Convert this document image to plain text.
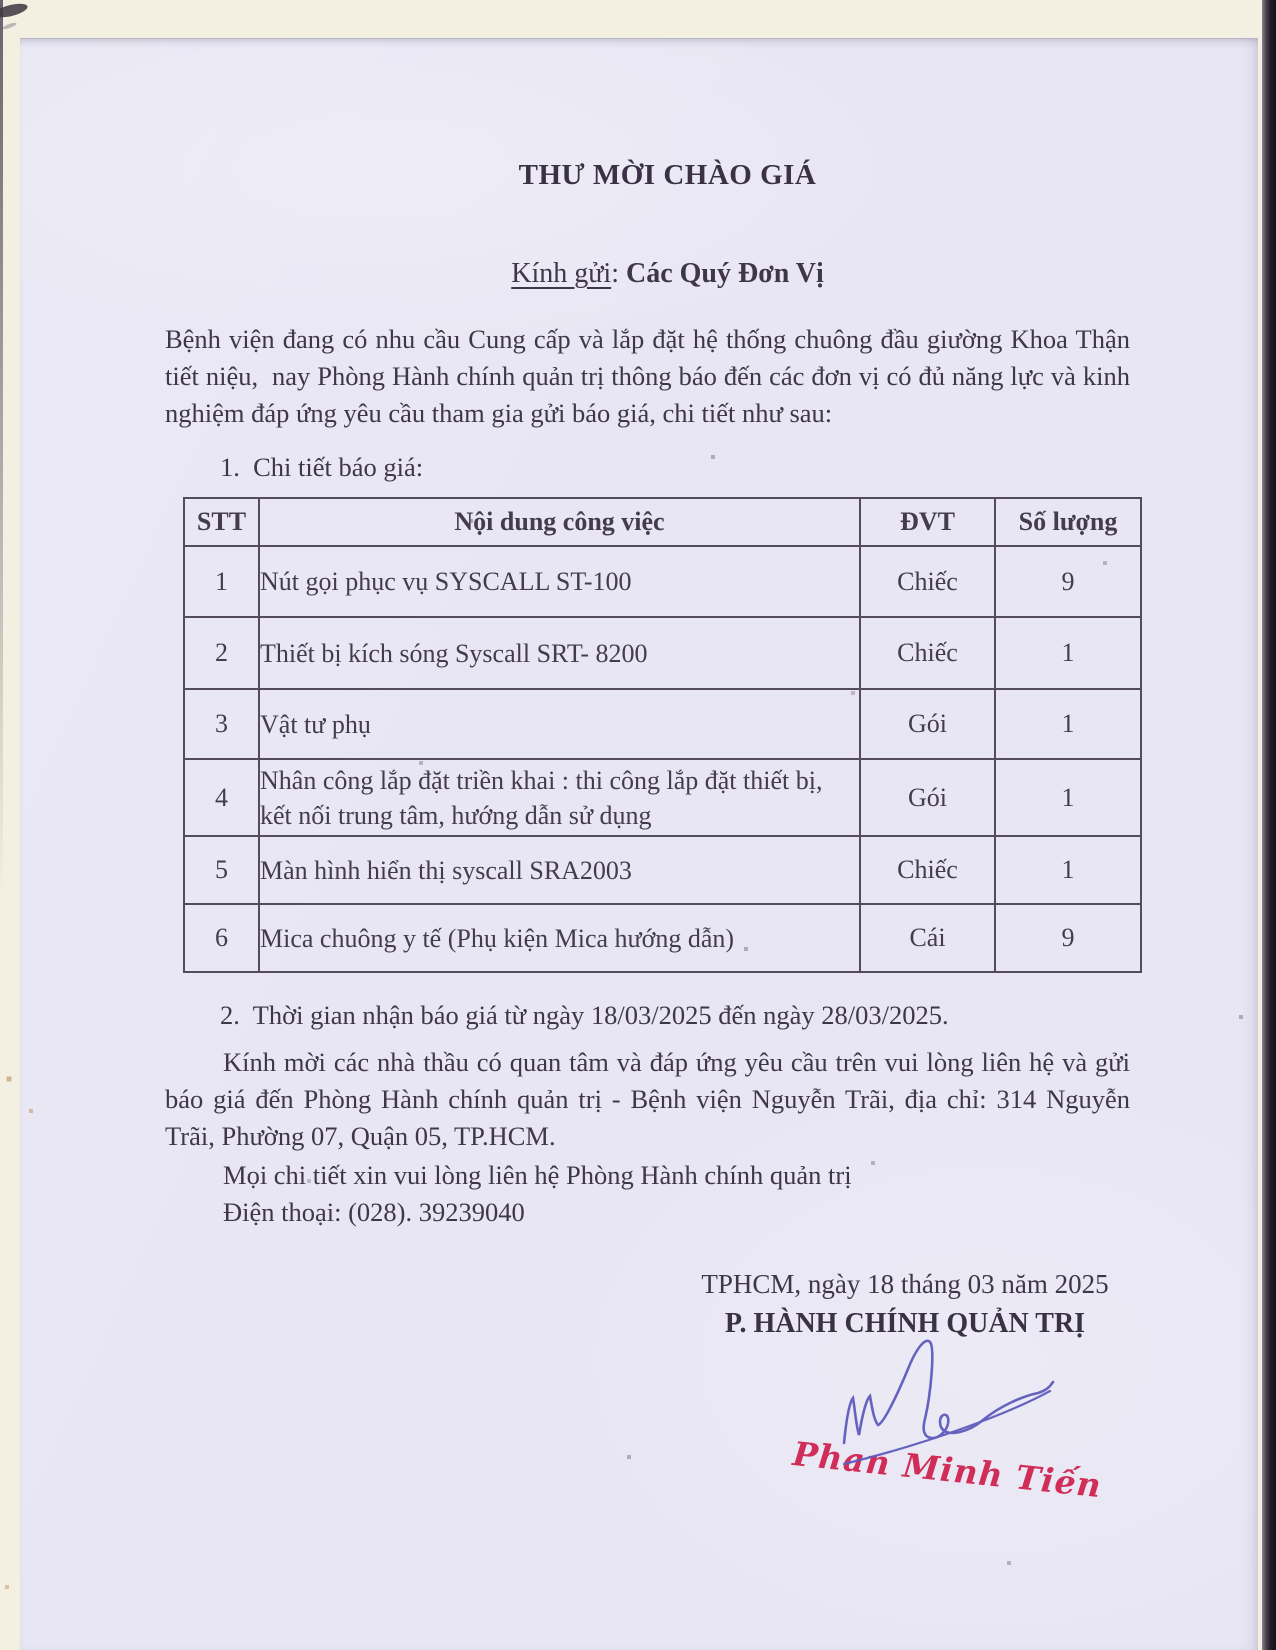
THƯ MỜI CHÀO GIÁ
Kính gửi: Các Quý Đơn Vị
Bệnh viện đang có nhu cầu Cung cấp và lắp đặt hệ thống chuông đầu giường Khoa Thận tiết niệu,  nay Phòng Hành chính quản trị thông báo đến các đơn vị có đủ năng lực và kinh nghiệm đáp ứng yêu cầu tham gia gửi báo giá, chi tiết như sau:
1.  Chi tiết báo giá:
STT	Nội dung công việc	ĐVT	Số lượng
1	Nút gọi phục vụ SYSCALL ST-100	Chiếc	9
2	Thiết bị kích sóng Syscall SRT- 8200	Chiếc	1
3	Vật tư phụ	Gói	1
4	Nhân công lắp đặt triền khai : thi công lắp đặt thiết bị, kết nối trung tâm, hướng dẫn sử dụng	Gói	1
5	Màn hình hiển thị syscall SRA2003	Chiếc	1
6	Mica chuông y tế (Phụ kiện Mica hướng dẫn)	Cái	9
2.  Thời gian nhận báo giá từ ngày 18/03/2025 đến ngày 28/03/2025.
Kính mời các nhà thầu có quan tâm và đáp ứng yêu cầu trên vui lòng liên hệ và gửi báo giá đến Phòng Hành chính quản trị - Bệnh viện Nguyễn Trãi, địa chỉ: 314 Nguyễn Trãi, Phường 07, Quận 05, TP.HCM.
Mọi chi tiết xin vui lòng liên hệ Phòng Hành chính quản trị
Điện thoại: (028). 39239040
TPHCM, ngày 18 tháng 03 năm 2025
P. HÀNH CHÍNH QUẢN TRỊ
Phan Minh Tiến
